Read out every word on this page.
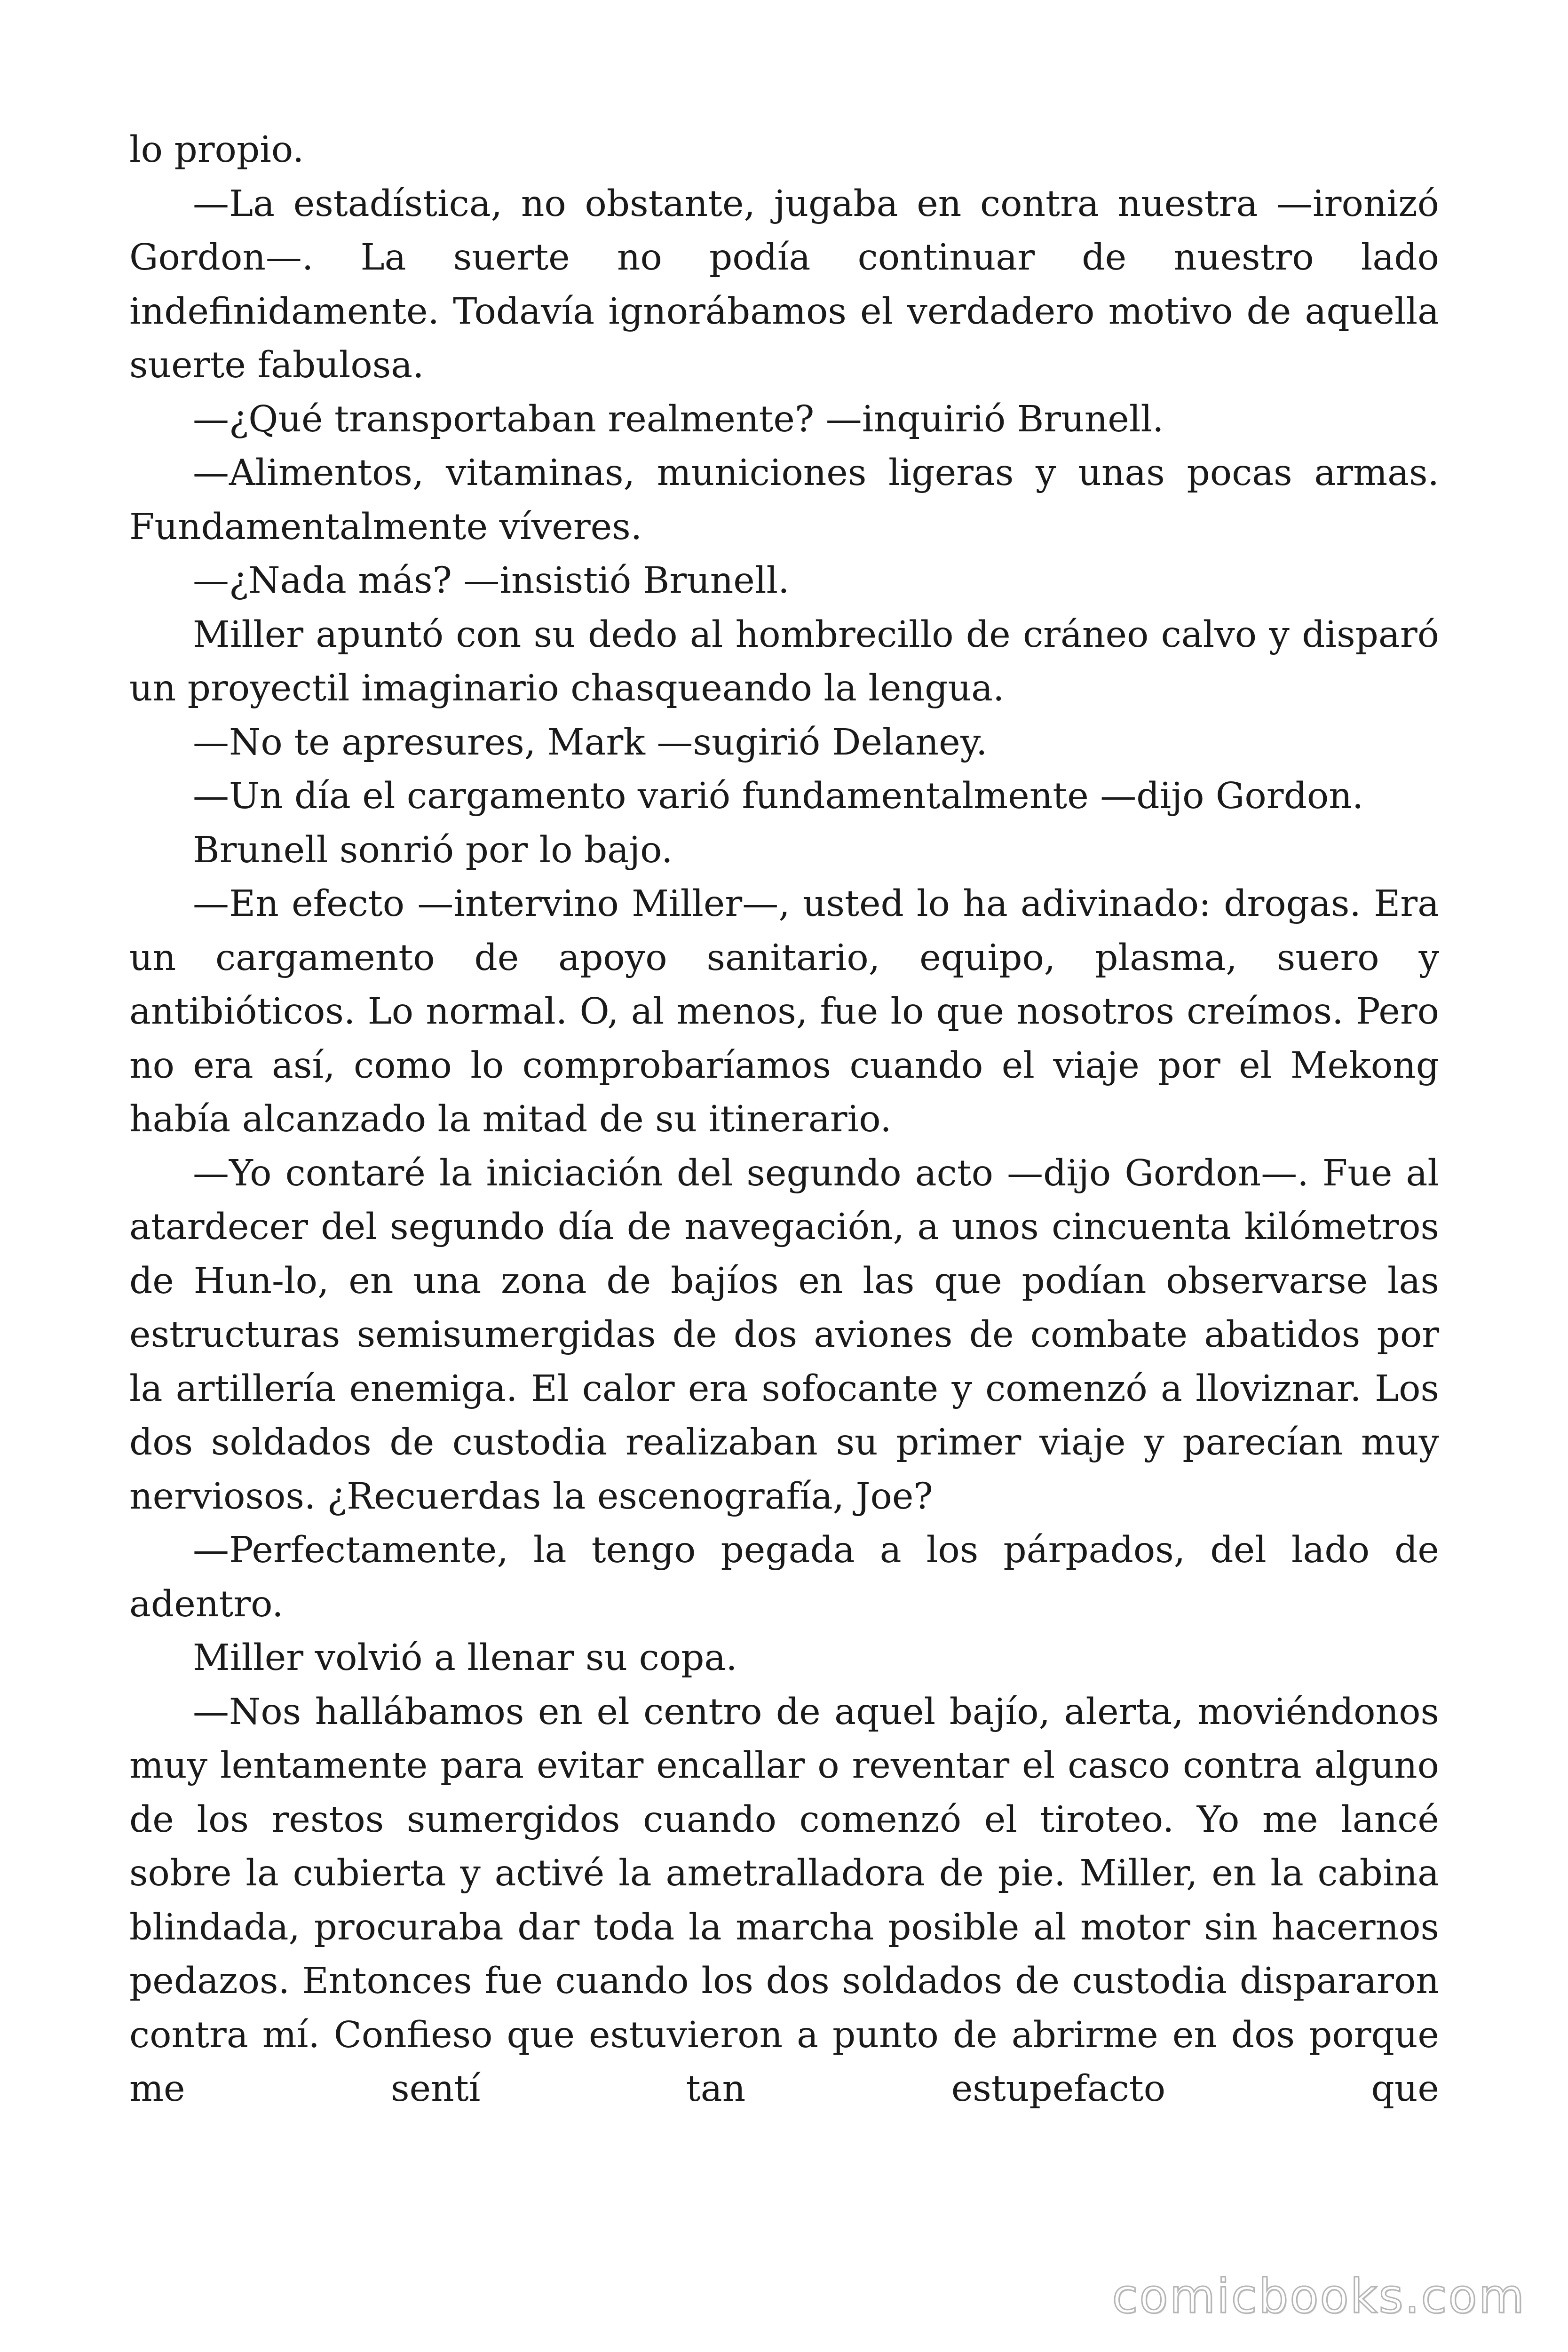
lo propio.

—La estadística, no obstante, jugaba en contra nuestra —ironizó Gordon—. La suerte no podía continuar de nuestro lado indefinidamente. Todavía ignorábamos el verdadero motivo de aquella suerte fabulosa.

—¿Qué transportaban realmente? —inquirió Brunell.

—Alimentos, vitaminas, municiones ligeras y unas pocas armas. Fundamentalmente víveres.

—¿Nada más? —insistió Brunell.

Miller apuntó con su dedo al hombrecillo de cráneo calvo y disparó un proyectil imaginario chasqueando la lengua.

—No te apresures, Mark —sugirió Delaney.

—Un día el cargamento varió fundamentalmente —dijo Gordon.

Brunell sonrió por lo bajo.

—En efecto —intervino Miller—, usted lo ha adivinado: drogas. Era un cargamento de apoyo sanitario, equipo, plasma, suero y antibióticos. Lo normal. O, al menos, fue lo que nosotros creímos. Pero no era así, como lo comprobaríamos cuando el viaje por el Mekong había alcanzado la mitad de su itinerario.

—Yo contaré la iniciación del segundo acto —dijo Gordon—. Fue al atardecer del segundo día de navegación, a unos cincuenta kilómetros de Hun-lo, en una zona de bajíos en las que podían observarse las estructuras semisumergidas de dos aviones de combate abatidos por la artillería enemiga. El calor era sofocante y comenzó a lloviznar. Los dos soldados de custodia realizaban su primer viaje y parecían muy nerviosos. ¿Recuerdas la escenografía, Joe?

—Perfectamente, la tengo pegada a los párpados, del lado de adentro.

Miller volvió a llenar su copa.

—Nos hallábamos en el centro de aquel bajío, alerta, moviéndonos muy lentamente para evitar encallar o reventar el casco contra alguno de los restos sumergidos cuando comenzó el tiroteo. Yo me lancé sobre la cubierta y activé la ametralladora de pie. Miller, en la cabina blindada, procuraba dar toda la marcha posible al motor sin hacernos pedazos. Entonces fue cuando los dos soldados de custodia dispararon contra mí. Confieso que estuvieron a punto de abrirme en dos porque me sentí tan estupefacto que

comicbooks.com
